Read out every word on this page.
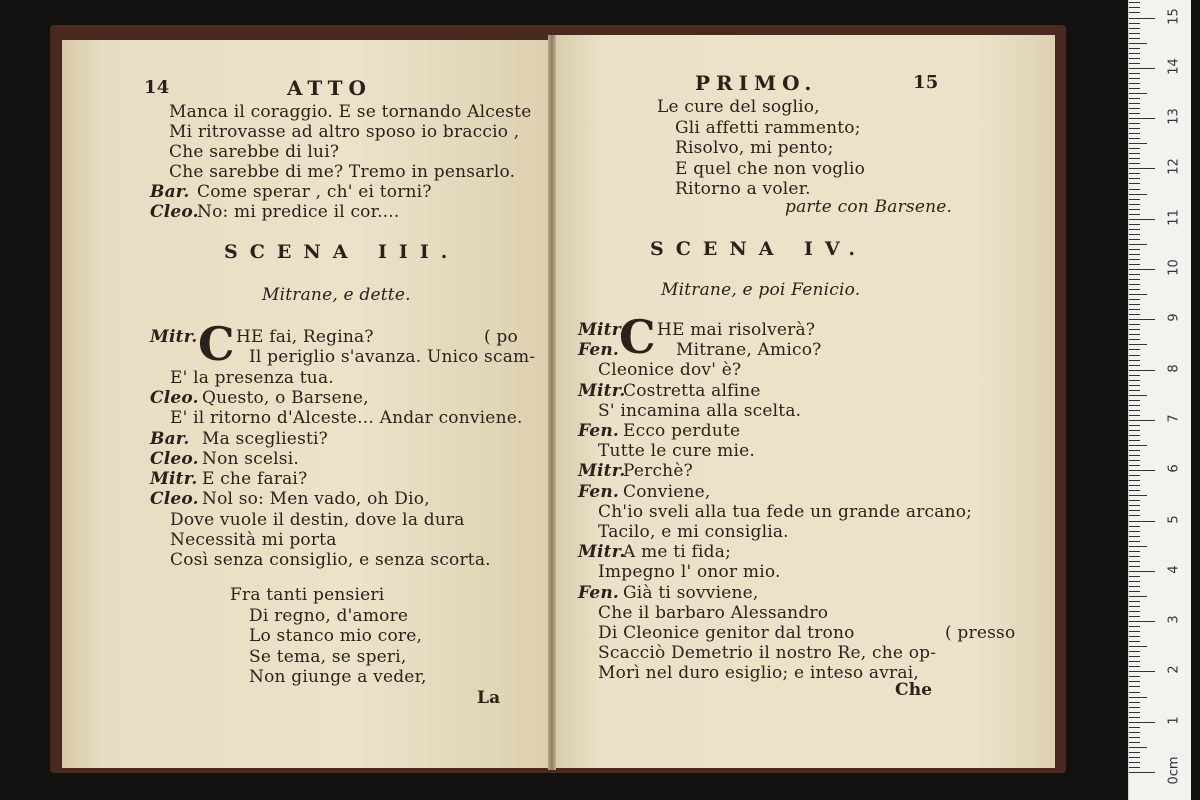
14	ATTO
Manca il coraggio. E se tornando Alceste
Mi ritrovasse ad altro sposo io braccio ,
Che sarebbe di lui?
Che sarebbe di me? Tremo in pensarlo.
Bar. Come sperar , ch' ei torni?
Cleo.
No: mi predice il cor....
SCENA III.
Mitrane, e dette.
Mitr. C HE fai, Regina?	( po
Il periglio s'avanza. Unico scam-
E' la presenza tua.
Cleo. Questo, o Barsene,
E' il ritorno d'Alceste... Andar conviene.
Bar. Ma scegliesti?
Cleo. Non scelsi.
Mitr. E che farai?
Cleo. Nol so: Men vado, oh Dio,
Dove vuole il destin, dove la dura
Necessità mi porta
Così senza consiglio, e senza scorta.
Fra tanti pensieri
Di regno, d'amore
Lo stanco mio core,
Se tema, se speri,
Non giunge a veder,
La
PRIMO.	15
Le cure del soglio,
Gli affetti rammento;
Risolvo, mi pento;
E quel che non voglio
Ritorno a voler.
parte con Barsene.
SCENA IV.
Mitrane, e poi Fenicio.
Mitr.
C HE mai risolverà?
Fen.	Mitrane, Amico?
Cleonice dov' è?
Mitr.
Costretta alfine
S' incamina alla scelta.
Fen. Ecco perdute
Tutte le cure mie.
Mitr.
Perchè?
Fen. Conviene,
Ch'io sveli alla tua fede un grande arcano;
Tacilo, e mi consiglia.
Mitr.
A me ti fida;
Impegno l' onor mio.
Fen. Già ti sovviene,
Che il barbaro Alessandro
Di Cleonice genitor dal trono	( presso
Scacciò Demetrio il nostro Re, che op-
Morì nel duro esiglio; e inteso avrai,
Che
0cm
1
2
3
4
5
6
7
8
9
10
11
12
13
14
15
